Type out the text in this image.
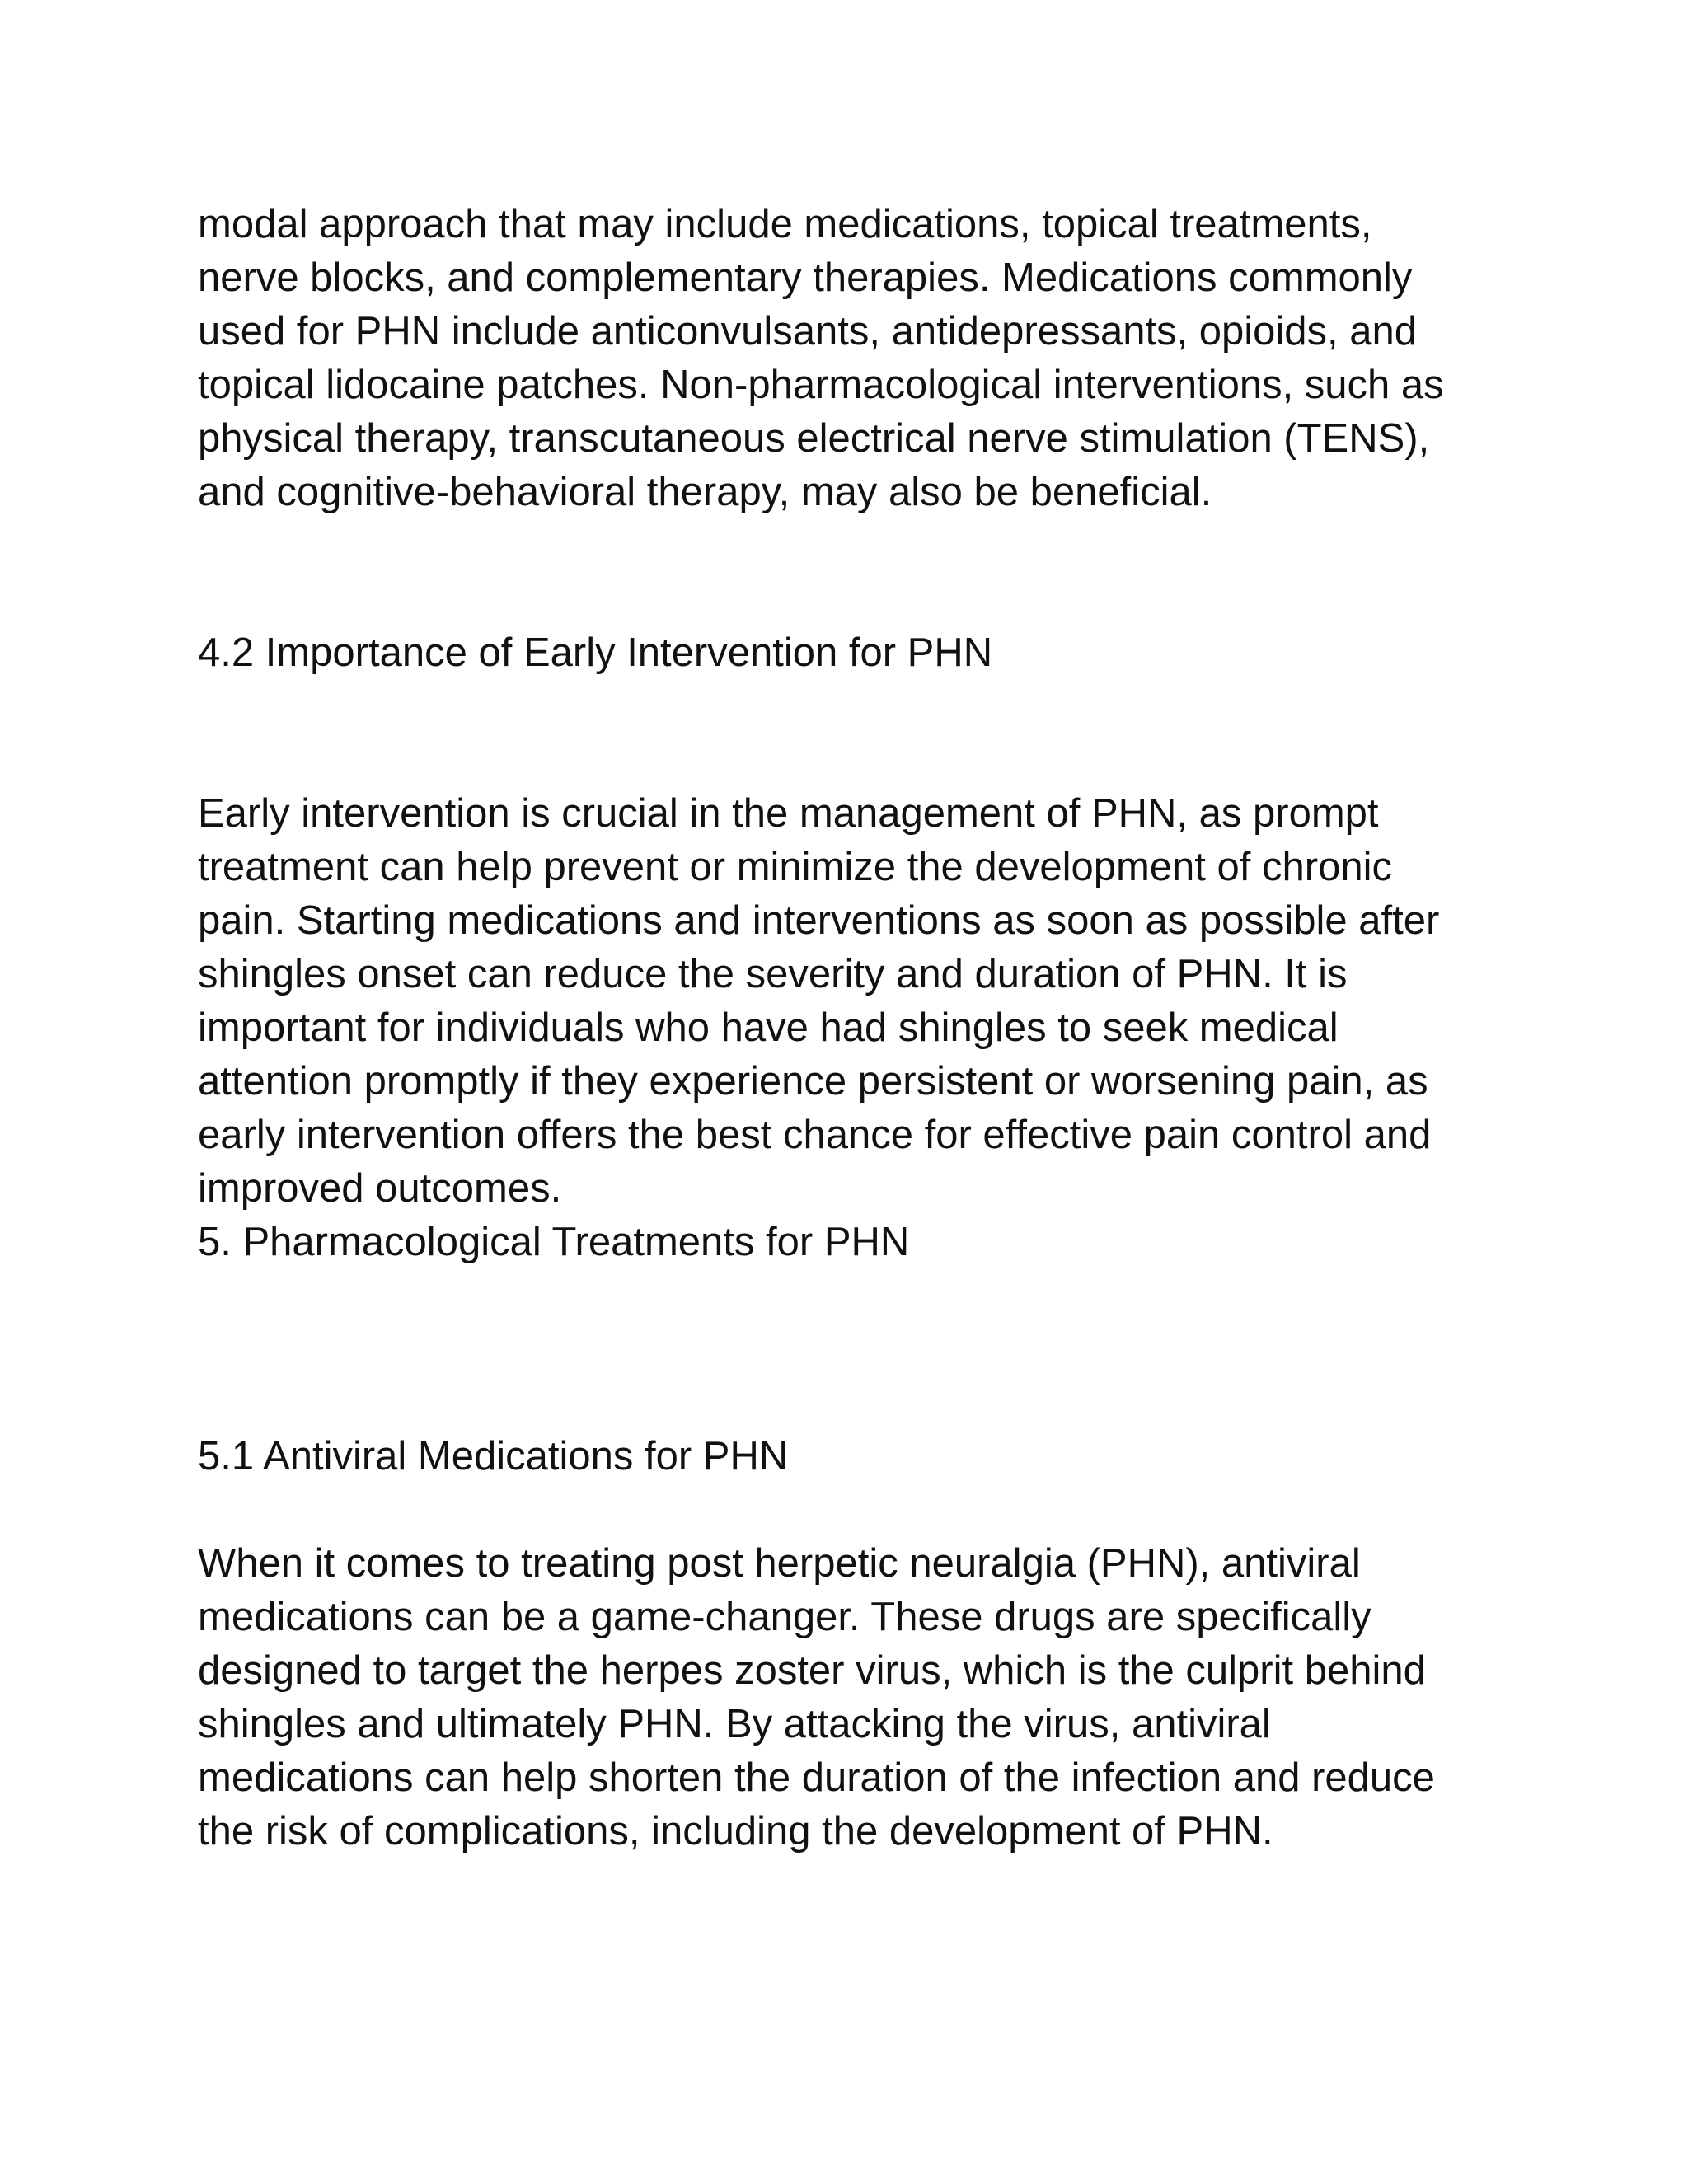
modal approach that may include medications, topical treatments,

nerve blocks, and complementary therapies. Medications commonly

used for PHN include anticonvulsants, antidepressants, opioids, and

topical lidocaine patches. Non-pharmacological interventions, such as

physical therapy, transcutaneous electrical nerve stimulation (TENS),

and cognitive-behavioral therapy, may also be beneficial.

4.2 Importance of Early Intervention for PHN

Early intervention is crucial in the management of PHN, as prompt

treatment can help prevent or minimize the development of chronic

pain. Starting medications and interventions as soon as possible after

shingles onset can reduce the severity and duration of PHN. It is

important for individuals who have had shingles to seek medical

attention promptly if they experience persistent or worsening pain, as

early intervention offers the best chance for effective pain control and

improved outcomes.

5. Pharmacological Treatments for PHN

5.1 Antiviral Medications for PHN

When it comes to treating post herpetic neuralgia (PHN), antiviral

medications can be a game-changer. These drugs are specifically

designed to target the herpes zoster virus, which is the culprit behind

shingles and ultimately PHN. By attacking the virus, antiviral

medications can help shorten the duration of the infection and reduce

the risk of complications, including the development of PHN.
